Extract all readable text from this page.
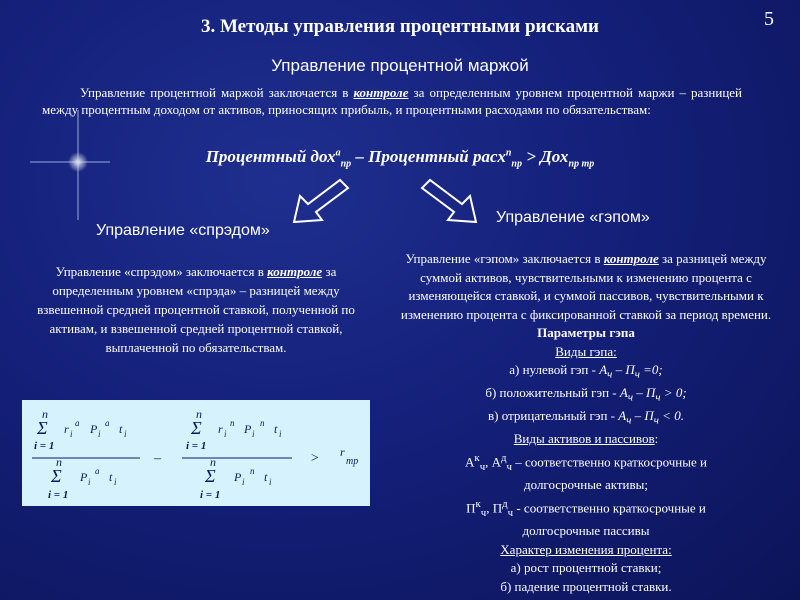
3. Методы управления процентными рисками	5
Управление процентной маржой
Управление процентной маржой заключается в контроле за определенным уровнем процентной маржи – разницей между процентным доходом от активов, приносящих прибыль, и процентными расходами по обязательствам:
Процентный дох$^а_{пр}$ – Процентный расх$^п_{пр}$ > Дох$_{пр тр}$
Управление «спрэдом»
Управление «гэпом»
Управление «спрэдом» заключается в контроле за определенным уровнем «спрэда» – разницей между взвешенной средней процентной ставкой, полученной по активам, и взвешенной средней процентной ставкой, выплаченной по обязательствам.
n
Σ
i = 1
r i
a P i
a t i
n
Σ
i = 1
P i
a t i
–
n
Σ
i = 1
r i
n P i
n t i
n
Σ
i = 1
P i
n t i
> r
тр
Управление «гэпом» заключается в контроле за разницей между суммой активов, чувствительными к изменению процента с изменяющейся ставкой, и суммой пассивов, чувствительными к изменению процента с фиксированной ставкой за период времени.
Параметры гэпа
Виды гэпа:
а) нулевой гэп - $А_ч - П_ч =0$;
б) положительный гэп - $А_ч - П_ч > 0$;
в) отрицательный гэп - $А_ч - П_ч < 0$.
Виды активов и пассивов:
$А^к_ч$, $А^д_ч$ – соответственно краткосрочные и
долгосрочные активы;
$П^к_ч$, $П^д_ч$ - соответственно краткосрочные и
долгосрочные пассивы
Характер изменения процента:
а) рост процентной ставки;
б) падение процентной ставки.
